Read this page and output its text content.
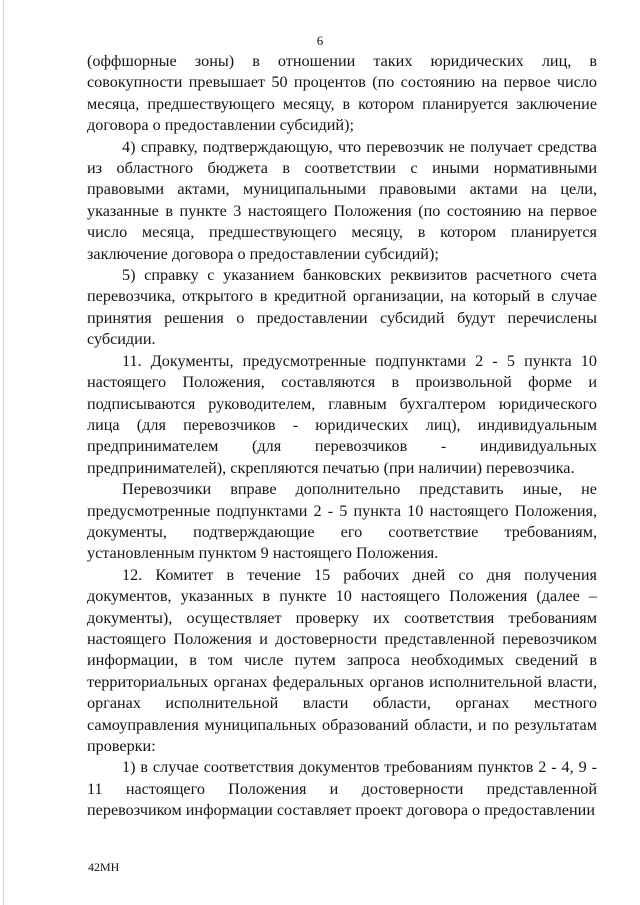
6

(оффшорные зоны) в отношении таких юридических лиц, в совокупности превышает 50 процентов (по состоянию на первое число месяца, предшествующего месяцу, в котором планируется заключение договора о предоставлении субсидий);

4) справку, подтверждающую, что перевозчик не получает средства из областного бюджета в соответствии с иными нормативными правовыми актами, муниципальными правовыми актами на цели, указанные в пункте 3 настоящего Положения (по состоянию на первое число месяца, предшествующего месяцу, в котором планируется заключение договора о предоставлении субсидий);

5) справку с указанием банковских реквизитов расчетного счета перевозчика, открытого в кредитной организации, на который в случае принятия решения о предоставлении субсидий будут перечислены субсидии.

11. Документы, предусмотренные подпунктами 2 - 5 пункта 10 настоящего Положения, составляются в произвольной форме и подписываются руководителем, главным бухгалтером юридического лица (для перевозчиков - юридических лиц), индивидуальным предпринимателем (для перевозчиков - индивидуальных предпринимателей), скрепляются печатью (при наличии) перевозчика.

Перевозчики вправе дополнительно представить иные, не предусмотренные подпунктами 2 - 5 пункта 10 настоящего Положения, документы, подтверждающие его соответствие требованиям, установленным пунктом 9 настоящего Положения.

12. Комитет в течение 15 рабочих дней со дня получения документов, указанных в пункте 10 настоящего Положения (далее – документы), осуществляет проверку их соответствия требованиям настоящего Положения и достоверности представленной перевозчиком информации, в том числе путем запроса необходимых сведений в территориальных органах федеральных органов исполнительной власти, органах исполнительной власти области, органах местного самоуправления муниципальных образований области, и по результатам проверки:

1) в случае соответствия документов требованиям пунктов 2 - 4, 9 - 11 настоящего Положения и достоверности представленной перевозчиком информации составляет проект договора о предоставлении

42МН
